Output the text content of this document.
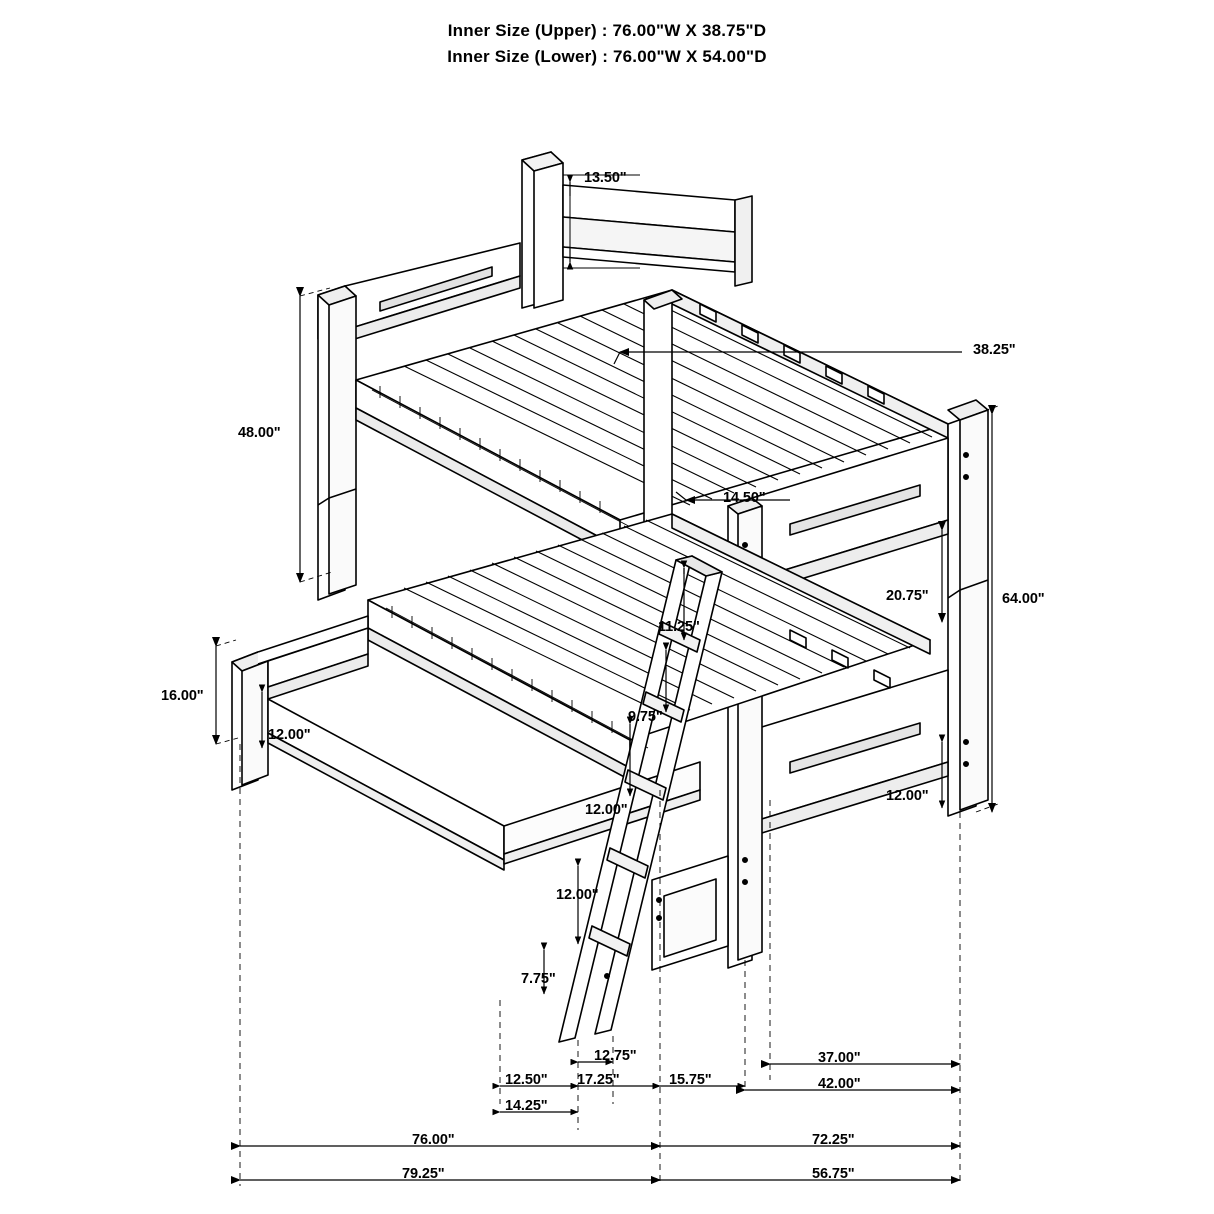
Inner Size (Upper) : 76.00"W X 38.75"D
Inner Size (Lower) : 76.00"W X 54.00"D
13.50"
38.25"
48.00"
14.50"
64.00"
20.75"
11.25"
16.00"
12.00"
9.75"
12.00"
12.00"
12.00"
7.75"
12.75"
12.50" 17.25"	15.75"
37.00"
42.00"
14.25"
72.25"
76.00"
79.25"	56.75"
